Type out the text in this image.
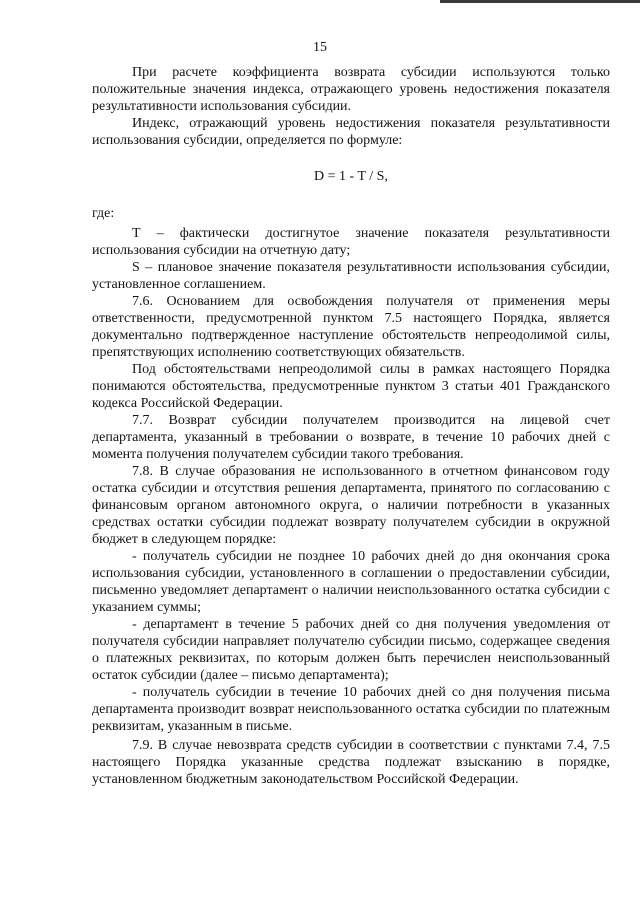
15

При расчете коэффициента возврата субсидии используются только положительные значения индекса, отражающего уровень недостижения показателя результативности использования субсидии.

Индекс, отражающий уровень недостижения показателя результативности использования субсидии, определяется по формуле:

D = 1 - T / S,

где:

Т – фактически достигнутое значение показателя результативности использования субсидии на отчетную дату;

S – плановое значение показателя результативности использования субсидии, установленное соглашением.

7.6. Основанием для освобождения получателя от применения меры ответственности, предусмотренной пунктом 7.5 настоящего Порядка, является документально подтвержденное наступление обстоятельств непреодолимой силы, препятствующих исполнению соответствующих обязательств.

Под обстоятельствами непреодолимой силы в рамках настоящего Порядка понимаются обстоятельства, предусмотренные пунктом 3 статьи 401 Гражданского кодекса Российской Федерации.

7.7. Возврат субсидии получателем производится на лицевой счет департамента, указанный в требовании о возврате, в течение 10 рабочих дней с момента получения получателем субсидии такого требования.

7.8. В случае образования не использованного в отчетном финансовом году остатка субсидии и отсутствия решения департамента, принятого по согласованию с финансовым органом автономного округа, о наличии потребности в указанных средствах остатки субсидии подлежат возврату получателем субсидии в окружной бюджет в следующем порядке:

- получатель субсидии не позднее 10 рабочих дней до дня окончания срока использования субсидии, установленного в соглашении о предоставлении субсидии, письменно уведомляет департамент о наличии неиспользованного остатка субсидии с указанием суммы;

- департамент в течение 5 рабочих дней со дня получения уведомления от получателя субсидии направляет получателю субсидии письмо, содержащее сведения о платежных реквизитах, по которым должен быть перечислен неиспользованный остаток субсидии (далее – письмо департамента);

- получатель субсидии в течение 10 рабочих дней со дня получения письма департамента производит возврат неиспользованного остатка субсидии по платежным реквизитам, указанным в письме.

7.9. В случае невозврата средств субсидии в соответствии с пунктами 7.4, 7.5 настоящего Порядка указанные средства подлежат взысканию в порядке, установленном бюджетным законодательством Российской Федерации.
